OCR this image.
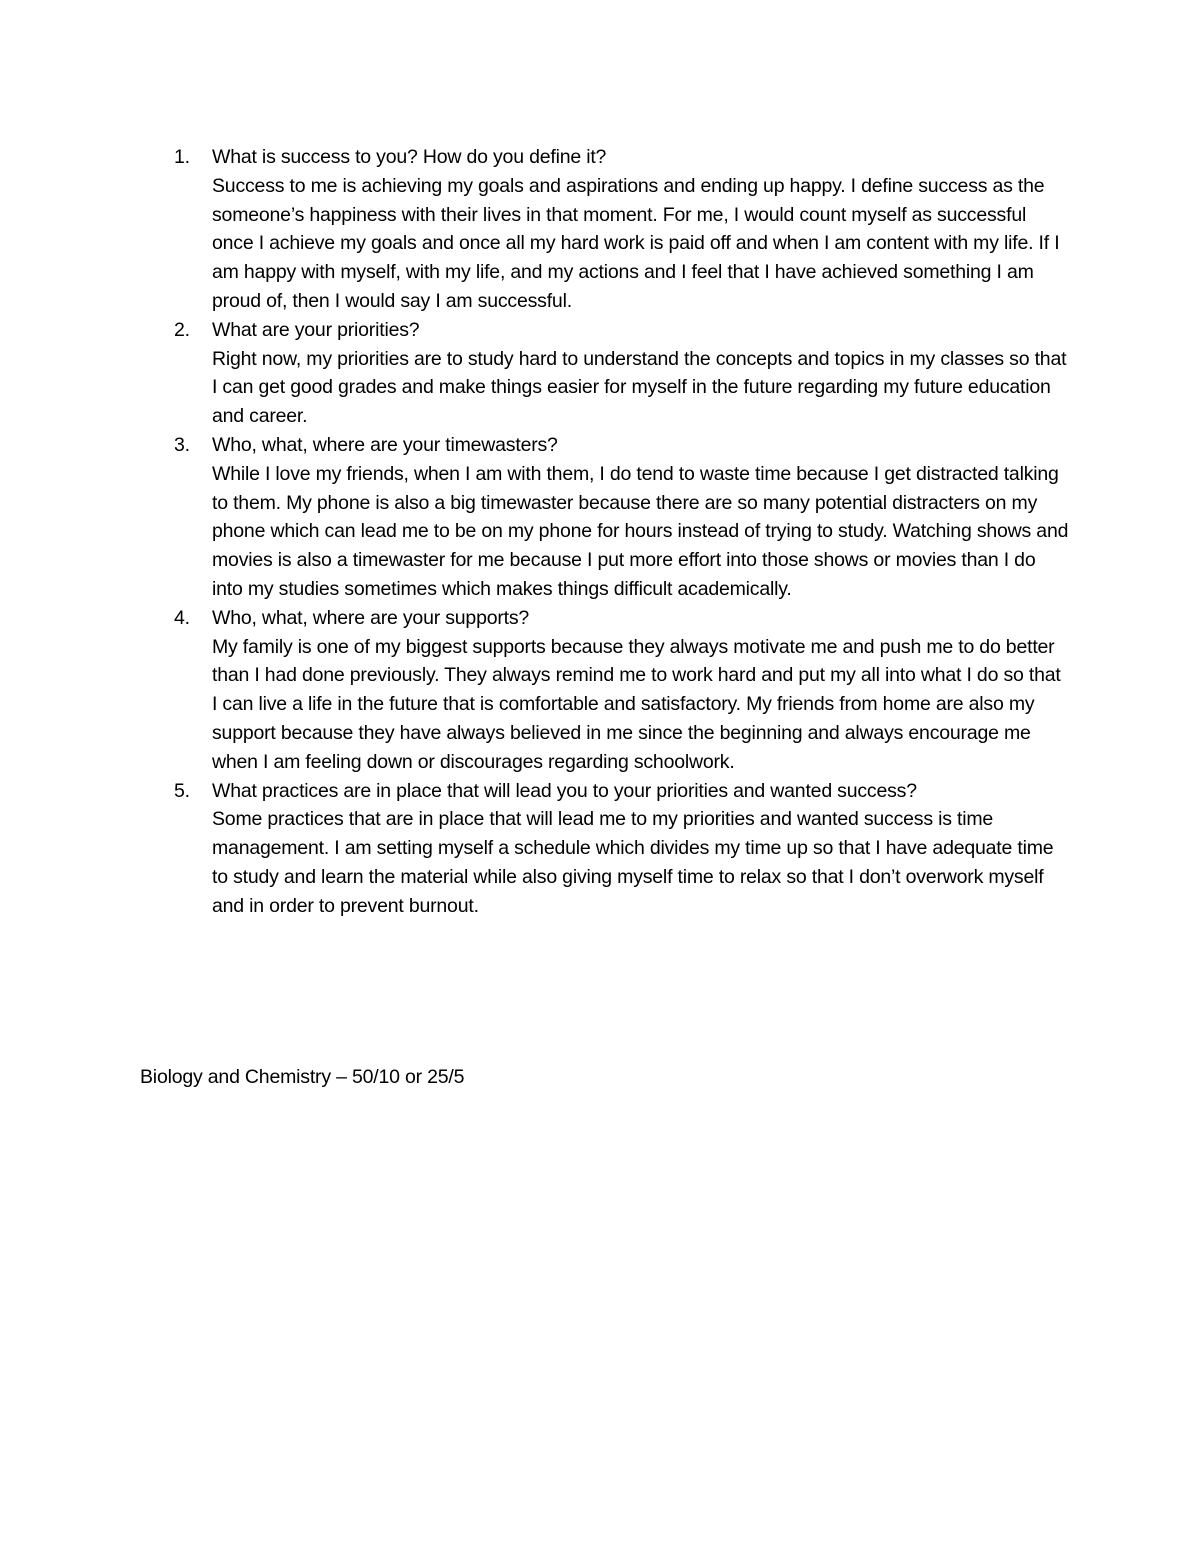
1. What is success to you? How do you define it?
Success to me is achieving my goals and aspirations and ending up happy. I define success as the someone’s happiness with their lives in that moment. For me, I would count myself as successful once I achieve my goals and once all my hard work is paid off and when I am content with my life. If I am happy with myself, with my life, and my actions and I feel that I have achieved something I am proud of, then I would say I am successful.
2. What are your priorities?
Right now, my priorities are to study hard to understand the concepts and topics in my classes so that I can get good grades and make things easier for myself in the future regarding my future education and career.
3. Who, what, where are your timewasters?
While I love my friends, when I am with them, I do tend to waste time because I get distracted talking to them. My phone is also a big timewaster because there are so many potential distracters on my phone which can lead me to be on my phone for hours instead of trying to study. Watching shows and movies is also a timewaster for me because I put more effort into those shows or movies than I do into my studies sometimes which makes things difficult academically.
4. Who, what, where are your supports?
My family is one of my biggest supports because they always motivate me and push me to do better than I had done previously. They always remind me to work hard and put my all into what I do so that I can live a life in the future that is comfortable and satisfactory. My friends from home are also my support because they have always believed in me since the beginning and always encourage me when I am feeling down or discourages regarding schoolwork.
5. What practices are in place that will lead you to your priorities and wanted success?
Some practices that are in place that will lead me to my priorities and wanted success is time management. I am setting myself a schedule which divides my time up so that I have adequate time to study and learn the material while also giving myself time to relax so that I don’t overwork myself and in order to prevent burnout.
Biology and Chemistry – 50/10 or 25/5
